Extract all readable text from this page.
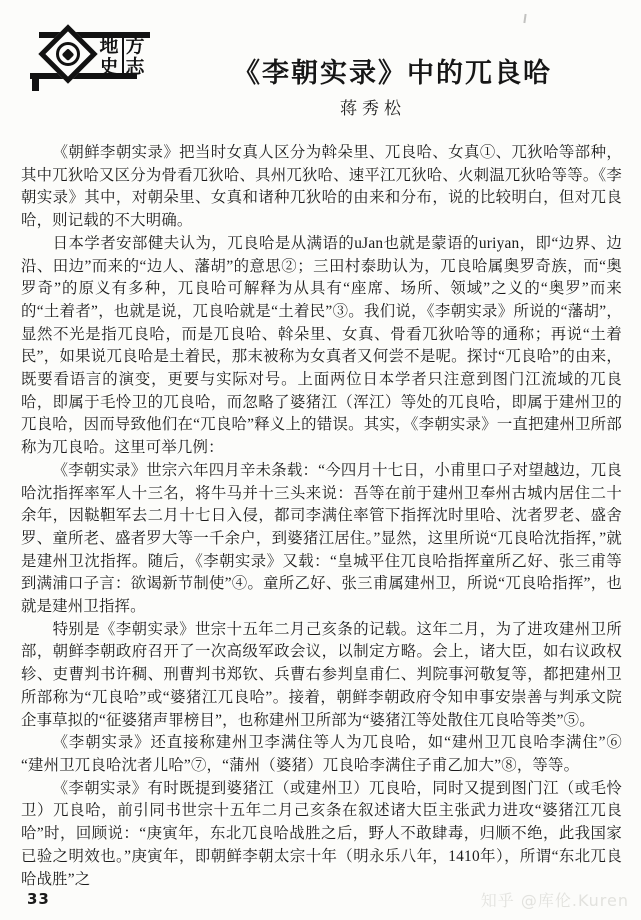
地 方
史 志	《李朝实录》中的兀良哈
蒋秀松

《朝鲜李朝实录》把当时女真人区分为斡朵里、兀良哈、女真①、兀狄哈等部种，其中兀狄哈又区分为骨看兀狄哈、具州兀狄哈、速平江兀狄哈、火刺温兀狄哈等等。《李朝实录》其中，对朝朵里、女真和诸种兀狄哈的由来和分布，说的比较明白，但对兀良哈，则记载的不大明确。

日本学者安部健夫认为，兀良哈是从满语的uJan也就是蒙语的uriyan，即“边界、边沿、田边”而来的“边人、藩胡”的意思②；三田村泰助认为，兀良哈属奥罗奇族，而“奥罗奇”的原义有多种，兀良哈可解释为从具有“座席、场所、领域”之义的“奥罗”而来的“土着者”，也就是说，兀良哈就是“土着民”③。我们说，《李朝实录》所说的“藩胡”，显然不光是指兀良哈，而是兀良哈、斡朵里、女真、骨看兀狄哈等的通称；再说“土着民”，如果说兀良哈是土着民，那末被称为女真者又何尝不是呢。探讨“兀良哈”的由来，既要看语言的演变，更要与实际对号。上面两位日本学者只注意到图门江流域的兀良哈，即属于毛怜卫的兀良哈，而忽略了婆猪江（浑江）等处的兀良哈，即属于建州卫的兀良哈，因而导致他们在“兀良哈”释义上的错误。其实，《李朝实录》一直把建州卫所部称为兀良哈。这里可举几例：

《李朝实录》世宗六年四月辛未条载：“今四月十七日，小甫里口子对望越边，兀良哈沈指挥率军人十三名，将牛马并十三头来说：吾等在前于建州卫奉州古城内居住二十余年，因鞑靼军去二月十七日入侵，都司李满住率管下指挥沈时里哈、沈者罗老、盛舍罗、童所老、盛者罗大等一千余户，到婆猪江居住。”显然，这里所说“兀良哈沈指挥，”就是建州卫沈指挥。随后，《李朝实录》又载：“皇城平住兀良哈指挥童所乙好、张三甫等到满浦口子言：欲谒新节制使”④。童所乙好、张三甫属建州卫，所说“兀良哈指挥”，也就是建州卫指挥。

特别是《李朝实录》世宗十五年二月己亥条的记载。这年二月，为了进攻建州卫所部，朝鲜李朝政府召开了一次高级军政会议，以制定方略。会上，诸大臣，如右议政权轸、吏曹判书许稠、刑曹判书郑钦、兵曹右参判皇甫仁、判院事河敬复等，都把建州卫所部称为“兀良哈”或“婆猪江兀良哈”。接着，朝鲜李朝政府令知申事安崇善与判承文院企事草拟的“征婆猪声罪榜目”，也称建州卫所部为“婆猪江等处散住兀良哈等类”⑤。

《李朝实录》还直接称建州卫李满住等人为兀良哈，如“建州卫兀良哈李满住”⑥ “建州卫兀良哈沈者儿哈”⑦，“蒲州（婆猪）兀良哈李满住子甫乙加大”⑧，等等。

《李朝实录》有时既提到婆猪江（或建州卫）兀良哈，同时又提到图门江（或毛怜卫）兀良哈，前引同书世宗十五年二月己亥条在叙述诸大臣主张武力进攻“婆猪江兀良哈”时，回顾说：“庚寅年，东北兀良哈战胜之后，野人不敢肆毒，归顺不绝，此我国家已验之明效也。”庚寅年，即朝鲜李朝太宗十年（明永乐八年，1410年），所谓“东北兀良哈战胜”之

33	知乎 @库伦.Kuren
